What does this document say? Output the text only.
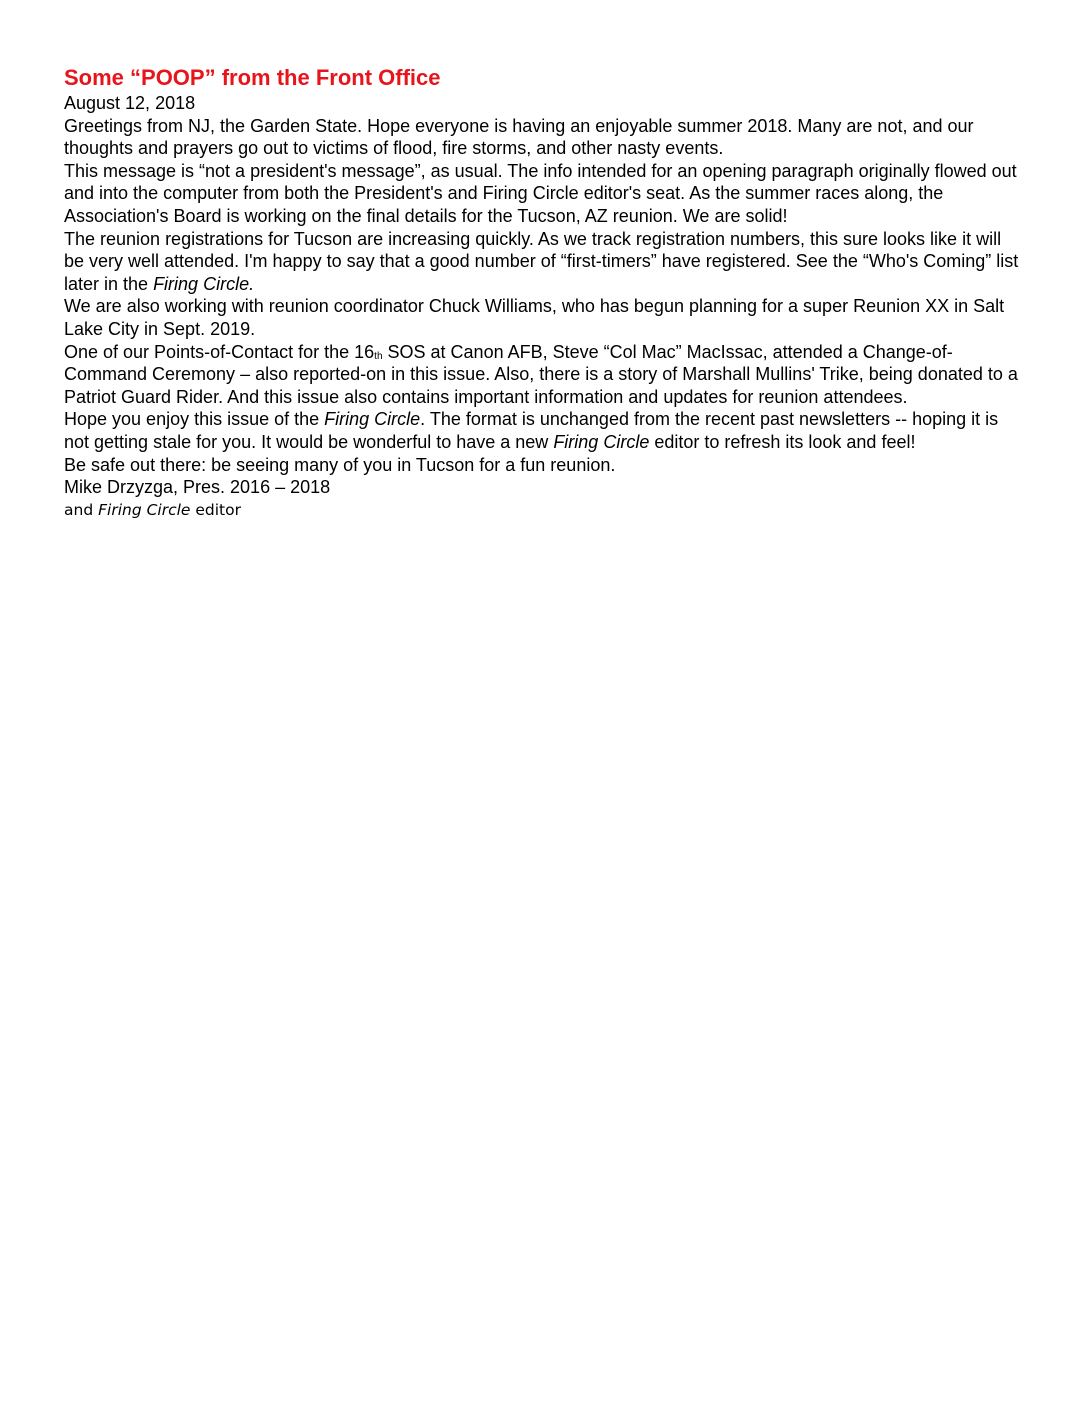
Some “POOP” from the Front Office

August 12, 2018

Greetings from NJ, the Garden State. Hope everyone is having an enjoyable summer 2018. Many are not, and our thoughts and prayers go out to victims of flood, fire storms, and other nasty events.

This message is “not a president's message”, as usual. The info intended for an opening paragraph originally flowed out and into the computer from both the President's and Firing Circle editor's seat. As the summer races along, the Association's Board is working on the final details for the Tucson, AZ reunion. We are solid!

The reunion registrations for Tucson are increasing quickly. As we track registration numbers, this sure looks like it will be very well attended. I'm happy to say that a good number of “first-timers” have registered. See the “Who's Coming” list later in the Firing Circle.

We are also working with reunion coordinator Chuck Williams, who has begun planning for a super Reunion XX in Salt Lake City in Sept. 2019.

One of our Points-of-Contact for the $16_{th}$ SOS at Canon AFB, Steve “Col Mac” MacIssac, attended a Change-of-Command Ceremony – also reported-on in this issue. Also, there is a story of Marshall Mullins' Trike, being donated to a Patriot Guard Rider. And this issue also contains important information and updates for reunion attendees.

Hope you enjoy this issue of the Firing Circle. The format is unchanged from the recent past newsletters -- hoping it is not getting stale for you. It would be wonderful to have a new Firing Circle editor to refresh its look and feel!

Be safe out there: be seeing many of you in Tucson for a fun reunion.

Mike Drzyzga, Pres. 2016 – 2018

and Firing Circle editor
